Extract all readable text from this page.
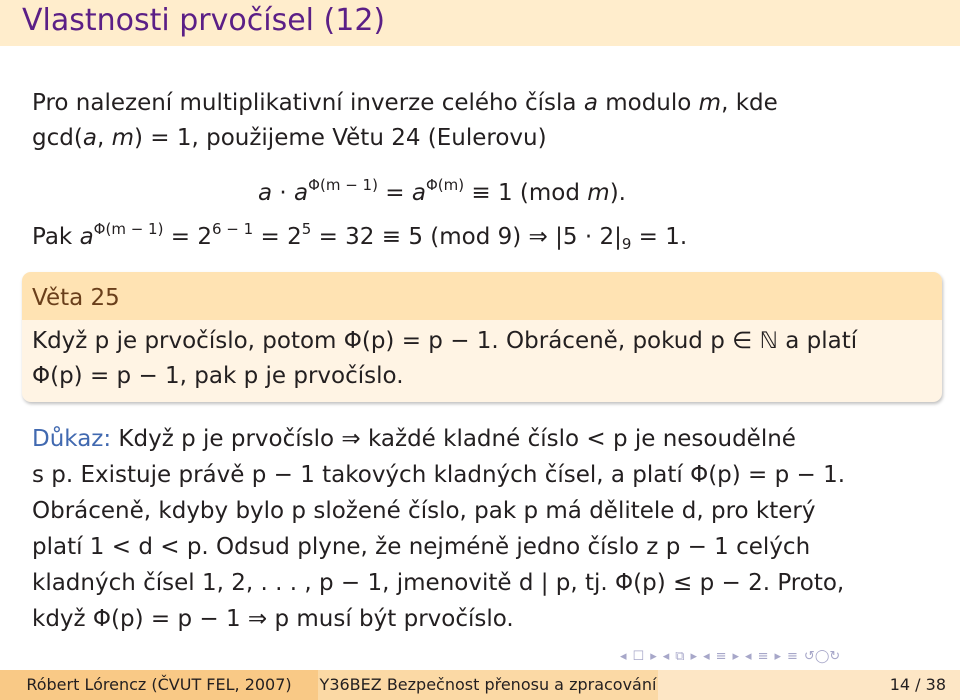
Vlastnosti prvočísel (12)
Pro nalezení multiplikativní inverze celého čísla a modulo m, kde
gcd(a, m) = 1, použijeme Větu 24 (Eulerovu)
$a \cdot a^{\Phi(m - 1)} = a^{\Phi(m)} \equiv 1$ (mod m).
Pak $a^{\Phi(m - 1)} = 2^{6 - 1} = 2^5 = 32 \equiv 5$ (mod 9) ⇒ $|5 \cdot 2|_9 = 1$.
Věta 25
Když p je prvočíslo, potom Φ(p) = p − 1. Obráceně, pokud p ∈ ℕ a platí
Φ(p) = p − 1, pak p je prvočíslo.
Důkaz: Když p je prvočíslo ⇒ každé kladné číslo < p je nesoudělné
s p. Existuje právě p − 1 takových kladných čísel, a platí Φ(p) = p − 1.
Obráceně, kdyby bylo p složené číslo, pak p má dělitele d, pro který
platí 1 < d < p. Odsud plyne, že nejméně jedno číslo z p − 1 celých
kladných čísel 1, 2, . . . , p − 1, jmenovitě d | p, tj. Φ(p) ≤ p − 2. Proto,
když Φ(p) = p − 1 ⇒ p musí být prvočíslo.
◂ ☐ ▸ ◂ ⧉ ▸ ◂ ≡ ▸ ◂ ≡ ▸ ≡ ↺◯↻
Róbert Lórencz (ČVUT FEL, 2007)	Y36BEZ Bezpečnost přenosu a zpracování	14 / 38
